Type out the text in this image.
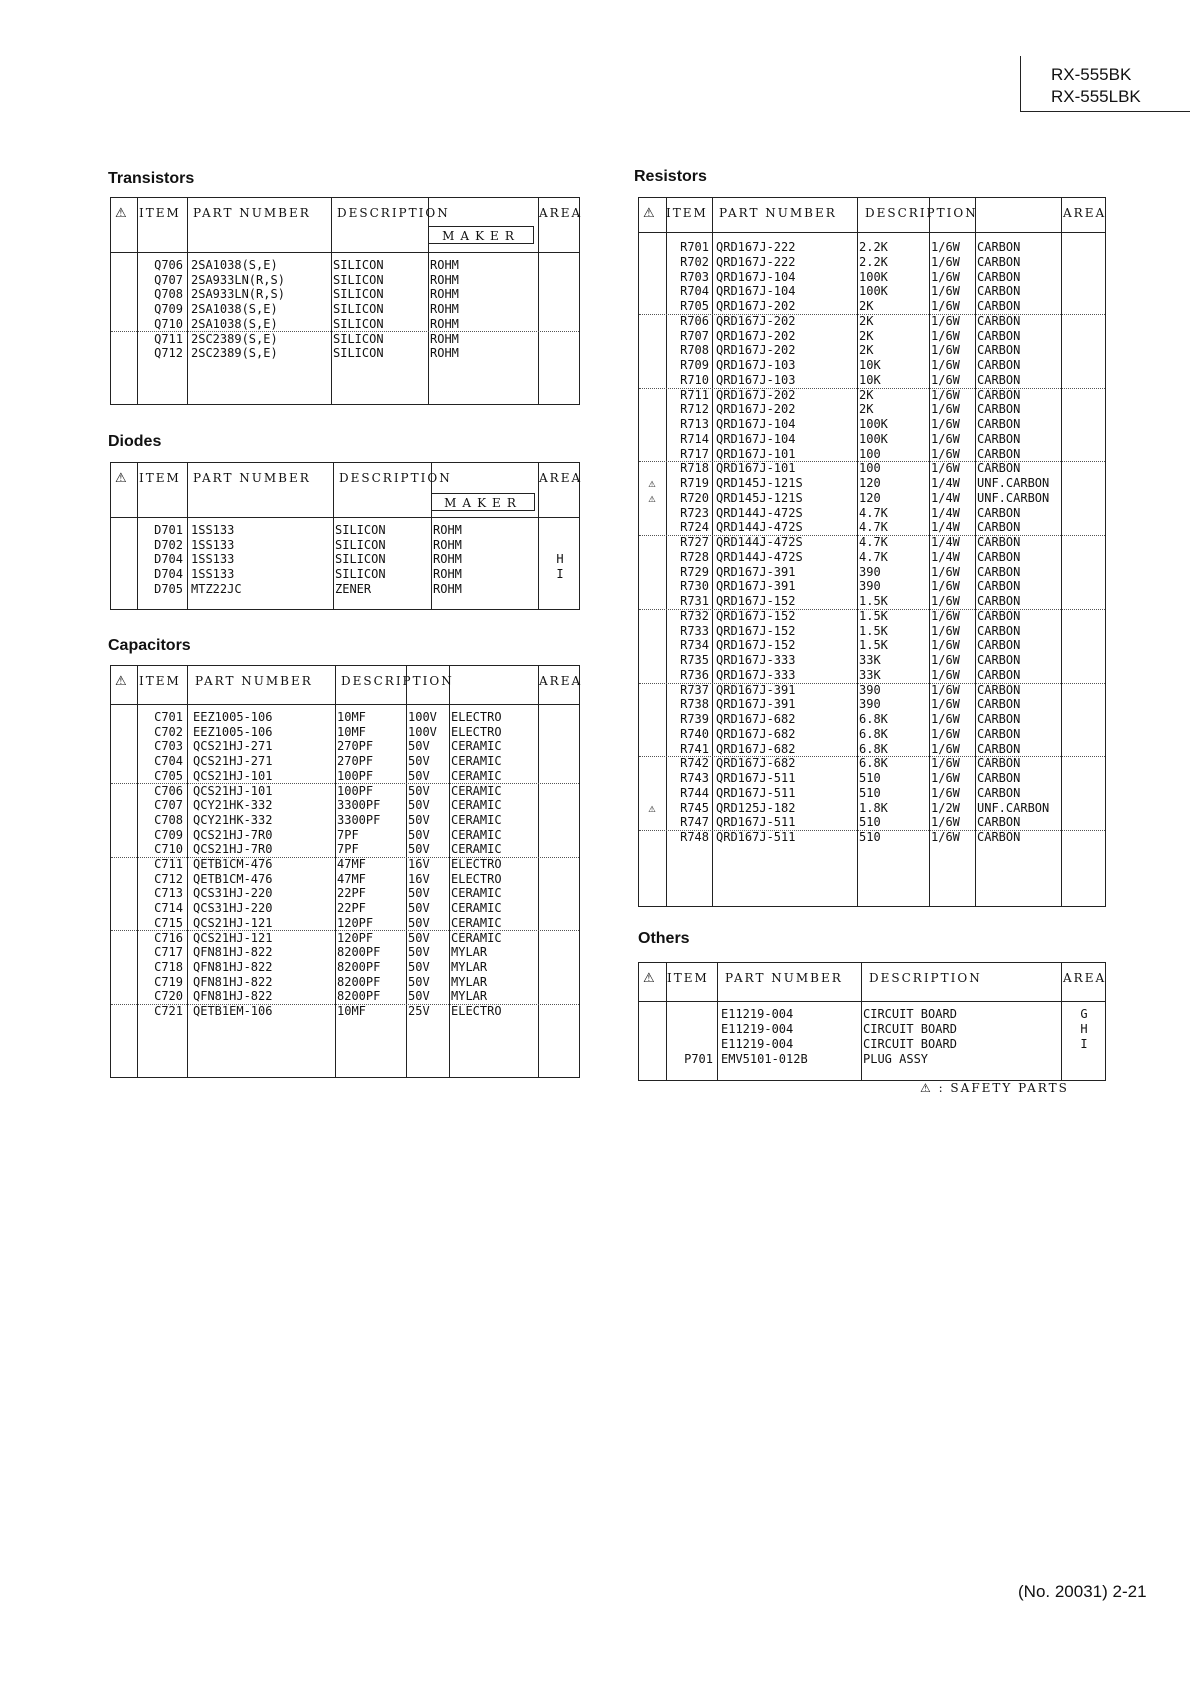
RX-555BK
RX-555LBK
Transistors
Diodes
Capacitors
Resistors
Others
⚠ ITEM PART NUMBER DESCRIPTION	AREA
MAKER
Q706 2SA1038(S,E)	SILICON	ROHM
Q707 2SA933LN(R,S)	SILICON	ROHM
Q708 2SA933LN(R,S)	SILICON	ROHM
Q709 2SA1038(S,E)	SILICON	ROHM
Q710 2SA1038(S,E)	SILICON	ROHM
Q711 2SC2389(S,E)	SILICON	ROHM
Q712 2SC2389(S,E)	SILICON	ROHM
⚠ ITEM PART NUMBER DESCRIPTION	AREA
MAKER
D701 1SS133	SILICON	ROHM
D702 1SS133	SILICON	ROHM
D704 1SS133	SILICON	ROHM	H
D704 1SS133	SILICON	ROHM	I
D705 MTZ22JC	ZENER	ROHM
⚠ ITEM PART NUMBER DESCRIPTION	AREA
C701 EEZ1005-106	10MF	100V ELECTRO
C702 EEZ1005-106	10MF	100V ELECTRO
C703 QCS21HJ-271	270PF	50V CERAMIC
C704 QCS21HJ-271	270PF	50V CERAMIC
C705 QCS21HJ-101	100PF	50V CERAMIC
C706 QCS21HJ-101	100PF	50V CERAMIC
C707 QCY21HK-332	3300PF 50V CERAMIC
C708 QCY21HK-332	3300PF 50V CERAMIC
C709 QCS21HJ-7R0	7PF	50V CERAMIC
C710 QCS21HJ-7R0	7PF	50V CERAMIC
C711 QETB1CM-476	47MF	16V ELECTRO
C712 QETB1CM-476	47MF	16V ELECTRO
C713 QCS31HJ-220	22PF	50V CERAMIC
C714 QCS31HJ-220	22PF	50V CERAMIC
C715 QCS21HJ-121	120PF	50V CERAMIC
C716 QCS21HJ-121	120PF	50V CERAMIC
C717 QFN81HJ-822	8200PF 50V MYLAR
C718 QFN81HJ-822	8200PF 50V MYLAR
C719 QFN81HJ-822	8200PF 50V MYLAR
C720 QFN81HJ-822	8200PF 50V MYLAR
C721 QETB1EM-106	10MF	25V ELECTRO
⚠ ITEM PART NUMBER DESCRIPTION	AREA
R701 QRD167J-222	2.2K	1/6W CARBON
R702 QRD167J-222	2.2K	1/6W CARBON
R703 QRD167J-104	100K	1/6W CARBON
R704 QRD167J-104	100K	1/6W CARBON
R705 QRD167J-202	2K	1/6W CARBON
R706 QRD167J-202	2K	1/6W CARBON
R707 QRD167J-202	2K	1/6W CARBON
R708 QRD167J-202	2K	1/6W CARBON
R709 QRD167J-103	10K	1/6W CARBON
R710 QRD167J-103	10K	1/6W CARBON
R711 QRD167J-202	2K	1/6W CARBON
R712 QRD167J-202	2K	1/6W CARBON
R713 QRD167J-104	100K	1/6W CARBON
R714 QRD167J-104	100K	1/6W CARBON
R717 QRD167J-101	100	1/6W CARBON
R718 QRD167J-101	100	1/6W CARBON
⚠	R719 QRD145J-121S	120	1/4W UNF.CARBON
⚠	R720 QRD145J-121S	120	1/4W UNF.CARBON
R723 QRD144J-472S	4.7K	1/4W CARBON
R724 QRD144J-472S	4.7K	1/4W CARBON
R727 QRD144J-472S	4.7K	1/4W CARBON
R728 QRD144J-472S	4.7K	1/4W CARBON
R729 QRD167J-391	390	1/6W CARBON
R730 QRD167J-391	390	1/6W CARBON
R731 QRD167J-152	1.5K	1/6W CARBON
R732 QRD167J-152	1.5K	1/6W CARBON
R733 QRD167J-152	1.5K	1/6W CARBON
R734 QRD167J-152	1.5K	1/6W CARBON
R735 QRD167J-333	33K	1/6W CARBON
R736 QRD167J-333	33K	1/6W CARBON
R737 QRD167J-391	390	1/6W CARBON
R738 QRD167J-391	390	1/6W CARBON
R739 QRD167J-682	6.8K	1/6W CARBON
R740 QRD167J-682	6.8K	1/6W CARBON
R741 QRD167J-682	6.8K	1/6W CARBON
R742 QRD167J-682	6.8K	1/6W CARBON
R743 QRD167J-511	510	1/6W CARBON
R744 QRD167J-511	510	1/6W CARBON
⚠	R745 QRD125J-182	1.8K	1/2W UNF.CARBON
R747 QRD167J-511	510	1/6W CARBON
R748 QRD167J-511	510	1/6W CARBON
⚠ ITEM PART NUMBER DESCRIPTION	AREA
E11219-004	CIRCUIT BOARD	G
E11219-004	CIRCUIT BOARD	H
E11219-004	CIRCUIT BOARD	I
P701 EMV5101-012B	PLUG ASSY
⚠ : SAFETY PARTS
(No. 20031) 2-21
